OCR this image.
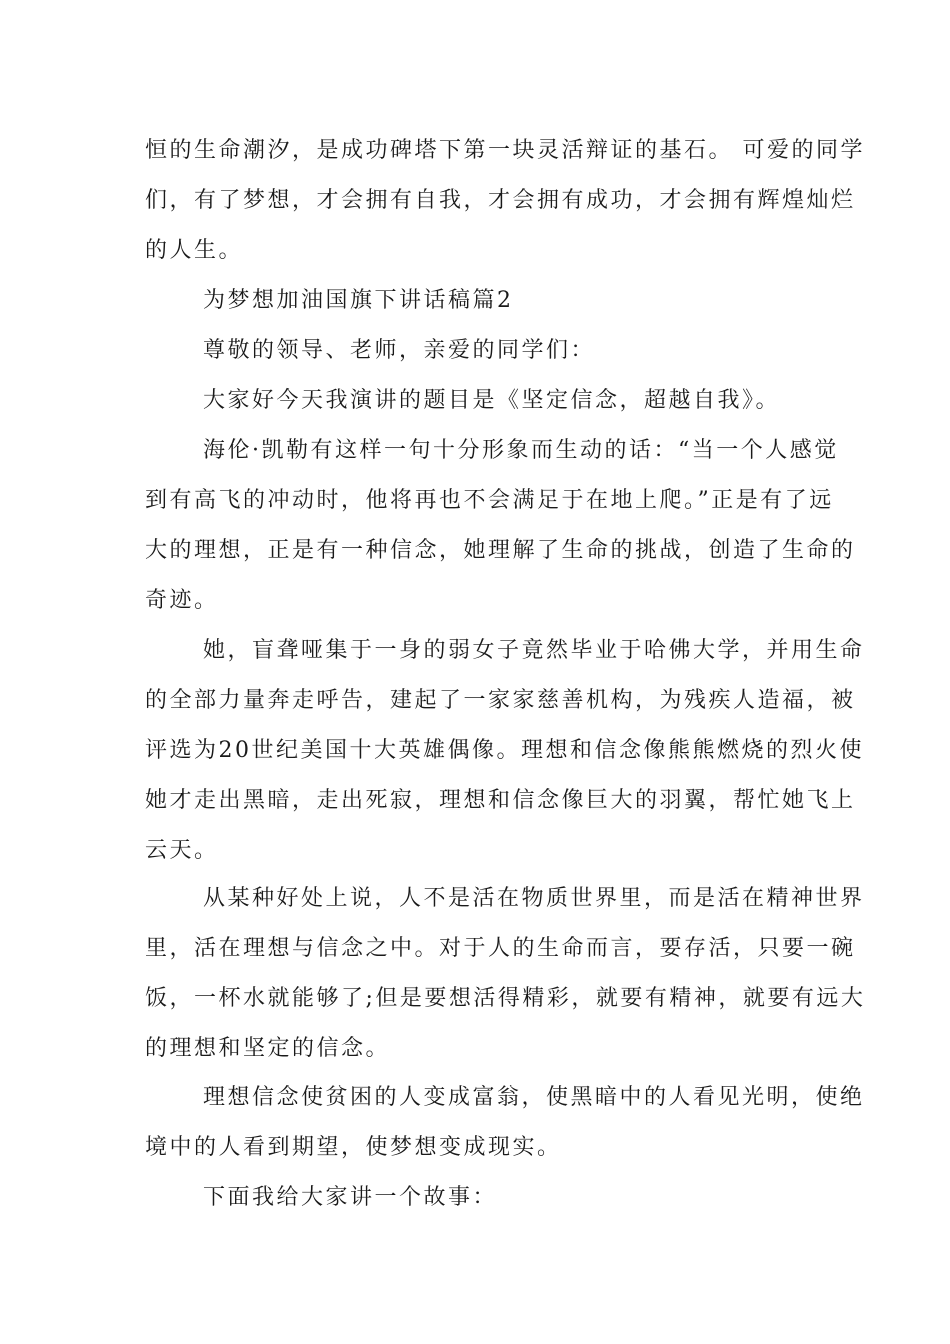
恒的生命潮汐，是成功碑塔下第一块灵活辩证的基石。 可爱的同学
们，有了梦想，才会拥有自我，才会拥有成功，才会拥有辉煌灿烂
的人生。
为梦想加油国旗下讲话稿篇2
尊敬的领导、老师，亲爱的同学们：
大家好今天我演讲的题目是《坚定信念，超越自我》。
海伦·凯勒有这样一句十分形象而生动的话：“当一个人感觉
到有高飞的冲动时，他将再也不会满足于在地上爬。”正是有了远
大的理想，正是有一种信念，她理解了生命的挑战，创造了生命的
奇迹。
她，盲聋哑集于一身的弱女子竟然毕业于哈佛大学，并用生命
的全部力量奔走呼告，建起了一家家慈善机构，为残疾人造福，被
评选为20世纪美国十大英雄偶像。理想和信念像熊熊燃烧的烈火使
她才走出黑暗，走出死寂，理想和信念像巨大的羽翼，帮忙她飞上
云天。
从某种好处上说，人不是活在物质世界里，而是活在精神世界
里，活在理想与信念之中。对于人的生命而言，要存活，只要一碗
饭，一杯水就能够了;但是要想活得精彩，就要有精神，就要有远大
的理想和坚定的信念。
理想信念使贫困的人变成富翁，使黑暗中的人看见光明，使绝
境中的人看到期望，使梦想变成现实。
下面我给大家讲一个故事：
